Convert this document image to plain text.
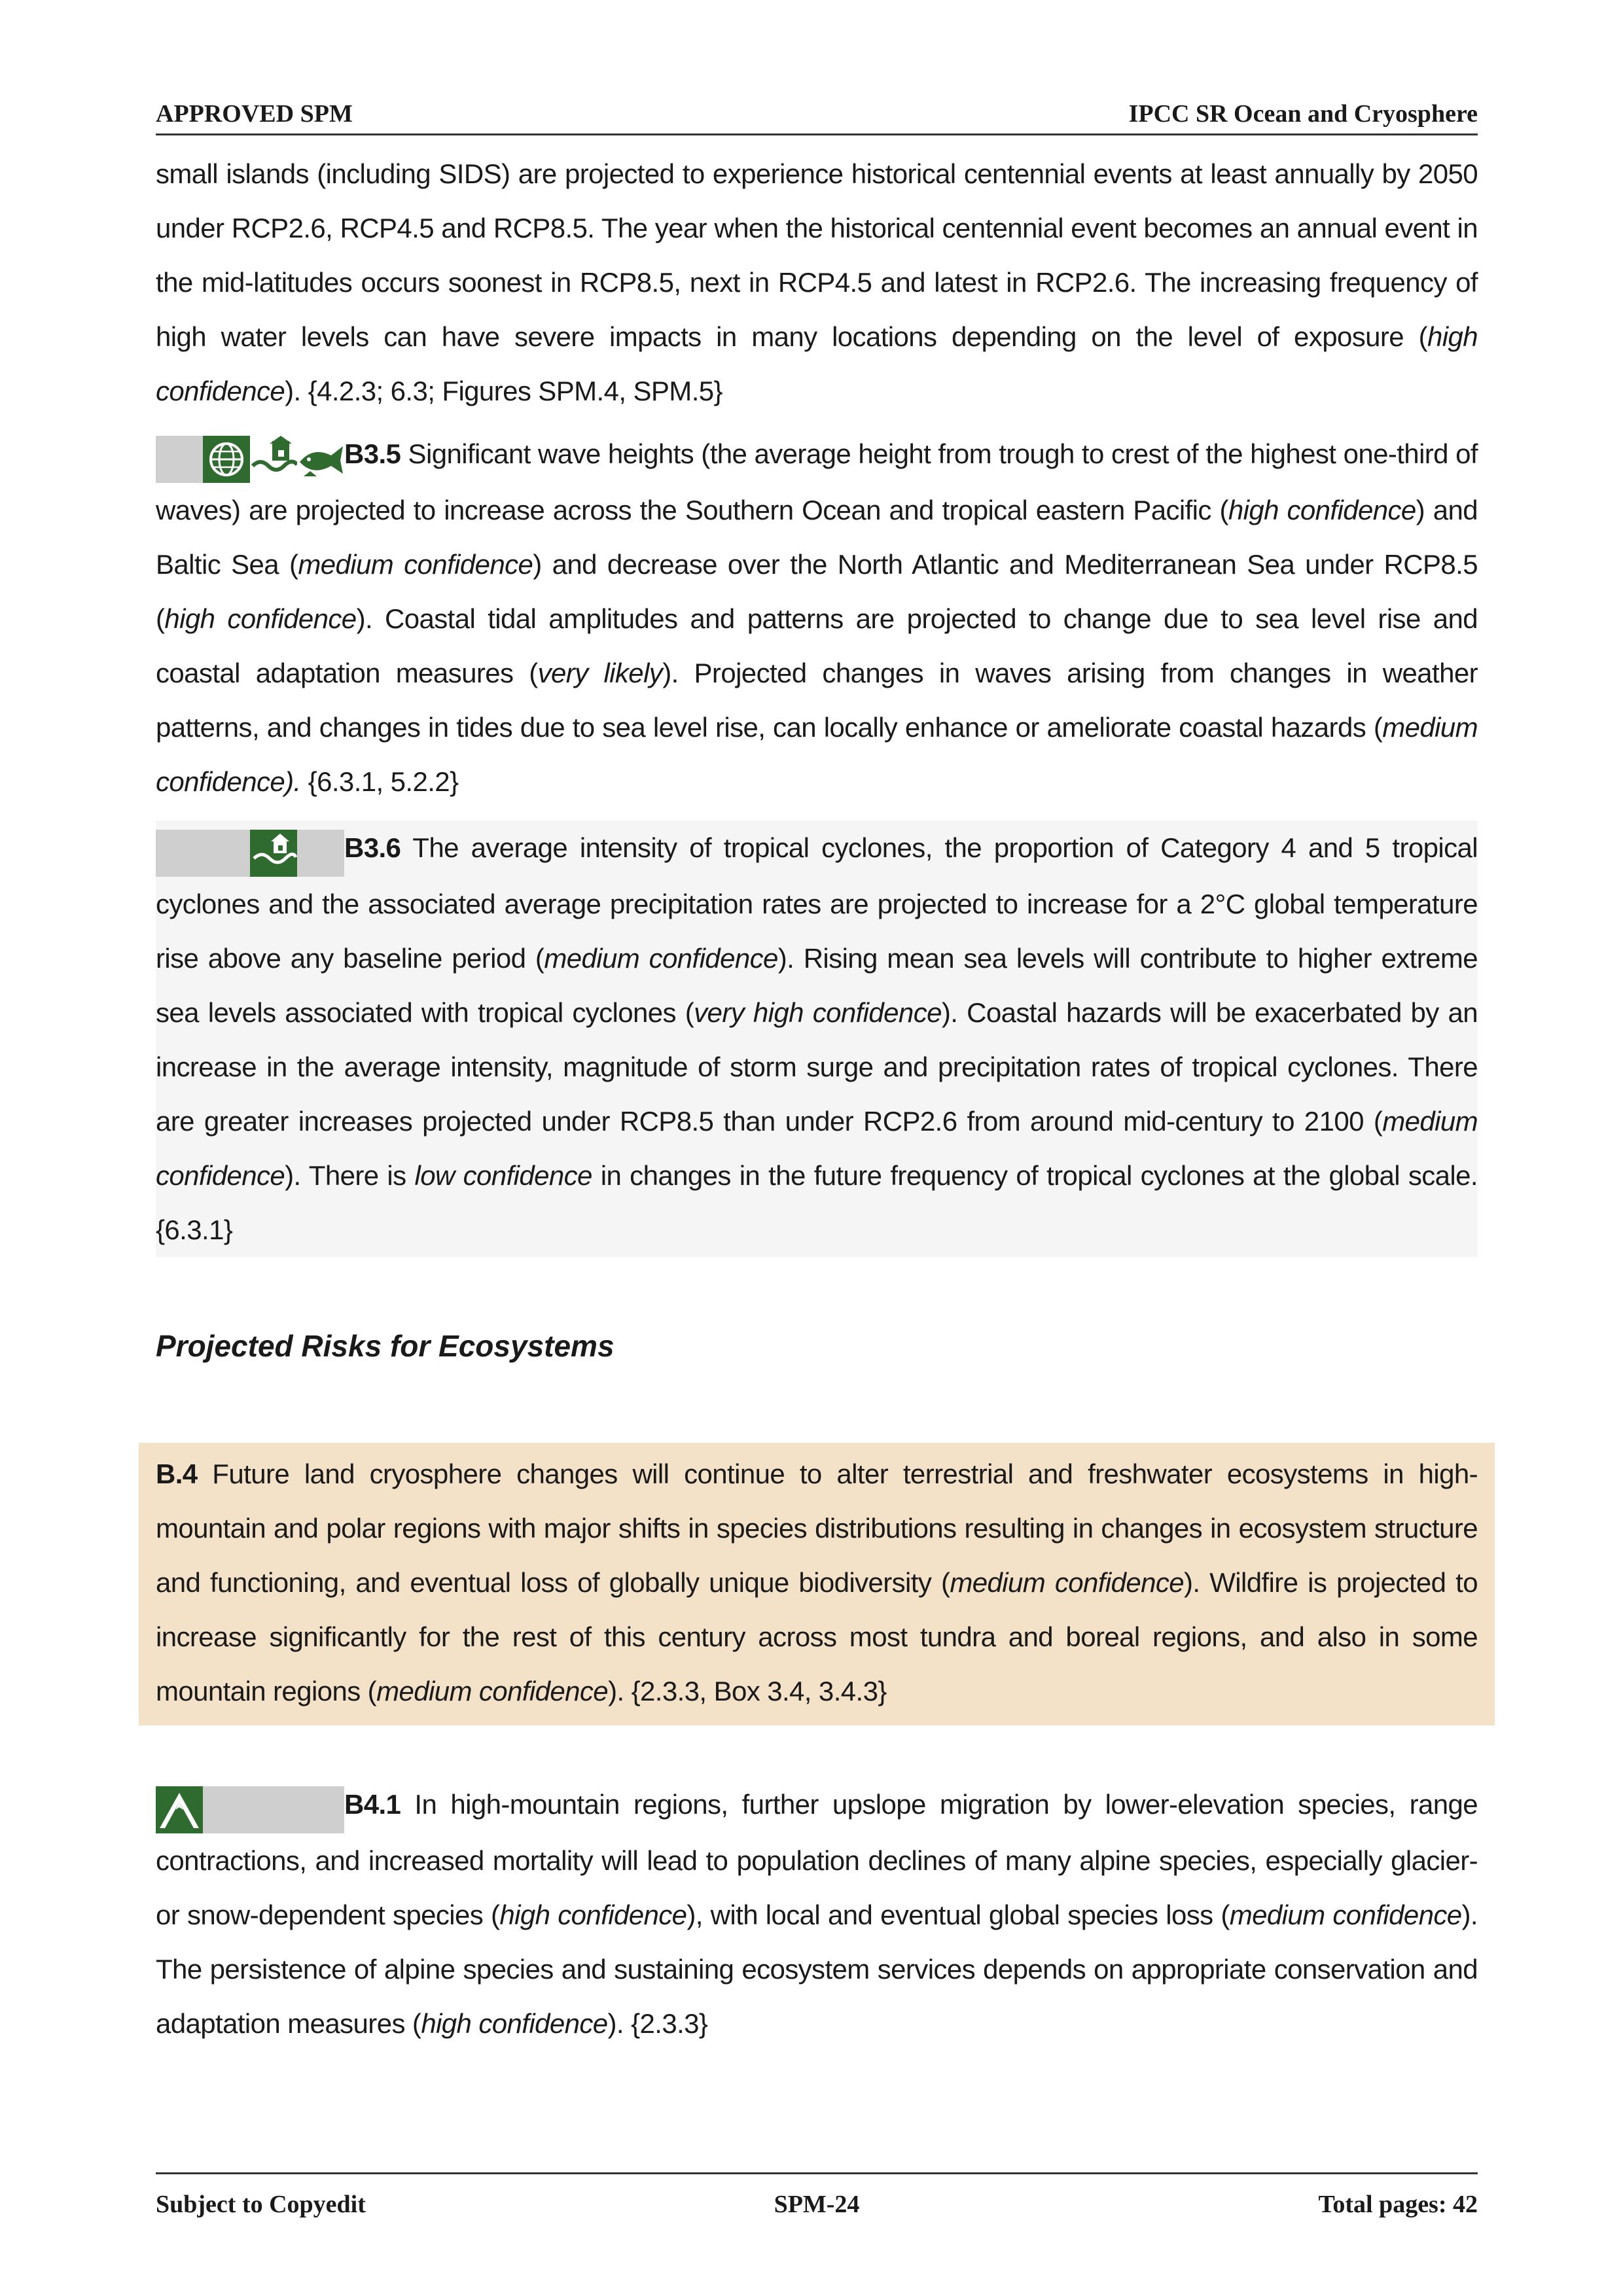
APPROVED SPM	IPCC SR Ocean and Cryosphere
small islands (including SIDS) are projected to experience historical centennial events at least annually by 2050 under RCP2.6, RCP4.5 and RCP8.5. The year when the historical centennial event becomes an annual event in the mid-latitudes occurs soonest in RCP8.5, next in RCP4.5 and latest in RCP2.6. The increasing frequency of high water levels can have severe impacts in many locations depending on the level of exposure (high confidence). {4.2.3; 6.3; Figures SPM.4, SPM.5}
B3.5 Significant wave heights (the average height from trough to crest of the highest one-third of waves) are projected to increase across the Southern Ocean and tropical eastern Pacific (high confidence) and Baltic Sea (medium confidence) and decrease over the North Atlantic and Mediterranean Sea under RCP8.5 (high confidence). Coastal tidal amplitudes and patterns are projected to change due to sea level rise and coastal adaptation measures (very likely). Projected changes in waves arising from changes in weather patterns, and changes in tides due to sea level rise, can locally enhance or ameliorate coastal hazards (medium confidence). {6.3.1, 5.2.2}
B3.6 The average intensity of tropical cyclones, the proportion of Category 4 and 5 tropical cyclones and the associated average precipitation rates are projected to increase for a 2°C global temperature rise above any baseline period (medium confidence). Rising mean sea levels will contribute to higher extreme sea levels associated with tropical cyclones (very high confidence). Coastal hazards will be exacerbated by an increase in the average intensity, magnitude of storm surge and precipitation rates of tropical cyclones. There are greater increases projected under RCP8.5 than under RCP2.6 from around mid-century to 2100 (medium confidence). There is low confidence in changes in the future frequency of tropical cyclones at the global scale. {6.3.1}
Projected Risks for Ecosystems
B.4 Future land cryosphere changes will continue to alter terrestrial and freshwater ecosystems in high-mountain and polar regions with major shifts in species distributions resulting in changes in ecosystem structure and functioning, and eventual loss of globally unique biodiversity (medium confidence). Wildfire is projected to increase significantly for the rest of this century across most tundra and boreal regions, and also in some mountain regions (medium confidence). {2.3.3, Box 3.4, 3.4.3}
B4.1 In high-mountain regions, further upslope migration by lower-elevation species, range contractions, and increased mortality will lead to population declines of many alpine species, especially glacier- or snow-dependent species (high confidence), with local and eventual global species loss (medium confidence). The persistence of alpine species and sustaining ecosystem services depends on appropriate conservation and adaptation measures (high confidence). {2.3.3}
Subject to Copyedit	SPM-24	Total pages: 42
